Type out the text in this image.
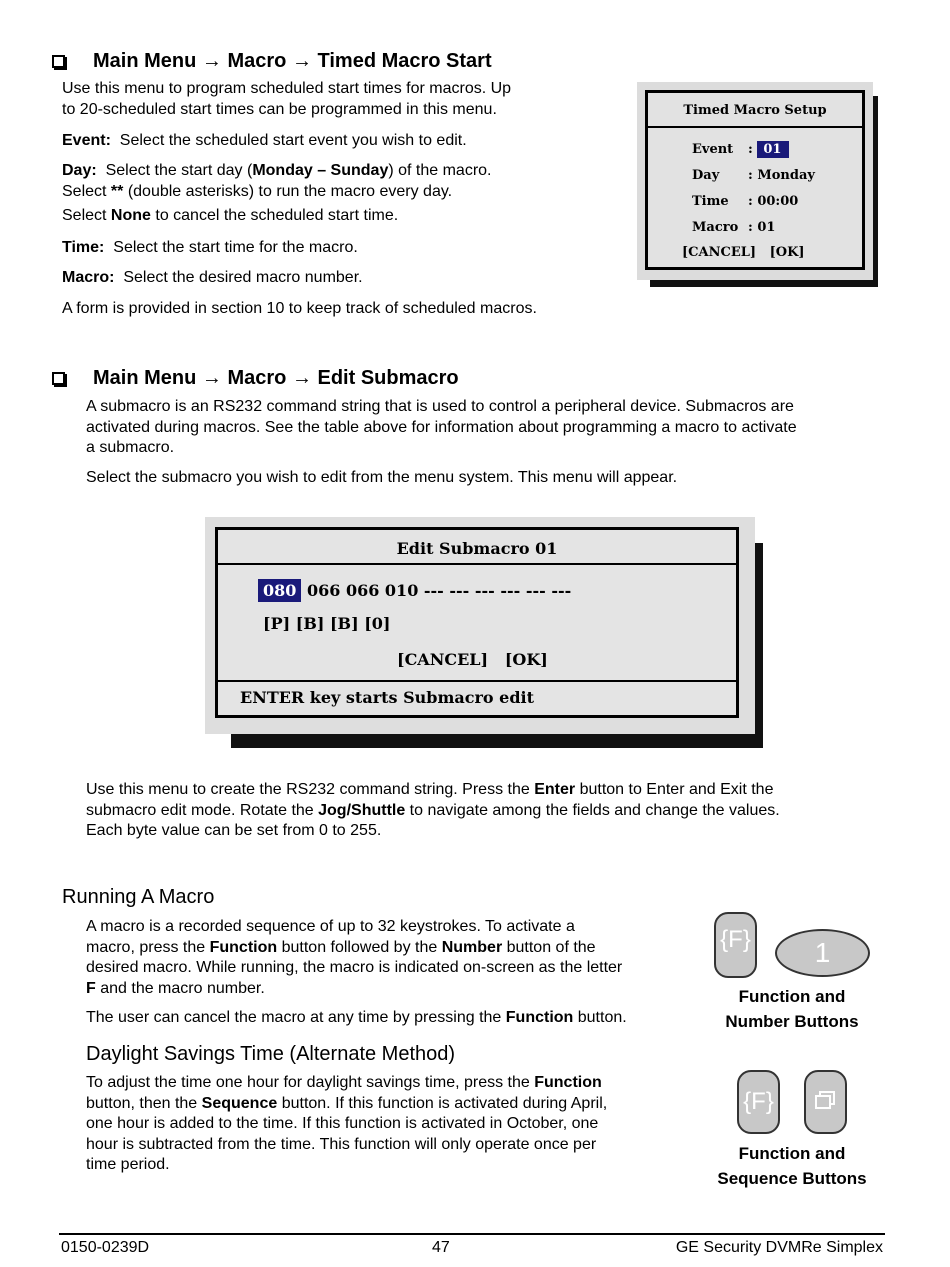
Main Menu
→
Macro
→
Timed Macro Start
Use this menu to program scheduled start times for macros. Up
to 20-scheduled start times can be programmed in this menu.
Event: Select the scheduled start event you wish to edit.
Day: Select the start day (Monday – Sunday) of the macro.
Select ** (double asterisks) to run the macro every day.
Select None to cancel the scheduled start time.
Time: Select the start time for the macro.
Macro: Select the desired macro number.
A form is provided in section 10 to keep track of scheduled macros.
Timed Macro Setup
Event : 01
Day : Monday
Time : 00:00
Macro : 01
[CANCEL] [OK]
Main Menu
→
Macro
→
Edit Submacro
A submacro is an RS232 command string that is used to control a peripheral device. Submacros are
activated during macros. See the table above for information about programming a macro to activate
a submacro.
Select the submacro you wish to edit from the menu system. This menu will appear.
Edit Submacro 01
080 066 066 010 --- --- --- --- --- ---
[P] [B] [B] [0]
[CANCEL] [OK]
ENTER key starts Submacro edit
Use this menu to create the RS232 command string. Press the Enter button to Enter and Exit the
submacro edit mode. Rotate the Jog/Shuttle to navigate among the fields and change the values.
Each byte value can be set from 0 to 255.
Running A Macro
A macro is a recorded sequence of up to 32 keystrokes. To activate a
macro, press the Function button followed by the Number button of the
desired macro. While running, the macro is indicated on-screen as the letter
F and the macro number.
The user can cancel the macro at any time by pressing the Function button.
{F}	1
Function and
Number Buttons
Daylight Savings Time (Alternate Method)
To adjust the time one hour for daylight savings time, press the Function
button, then the Sequence button. If this function is activated during April,
one hour is added to the time. If this function is activated in October, one
hour is subtracted from the time. This function will only operate once per
time period.
{F}
Function and
Sequence Buttons
0150-0239D	47	GE Security DVMRe Simplex
